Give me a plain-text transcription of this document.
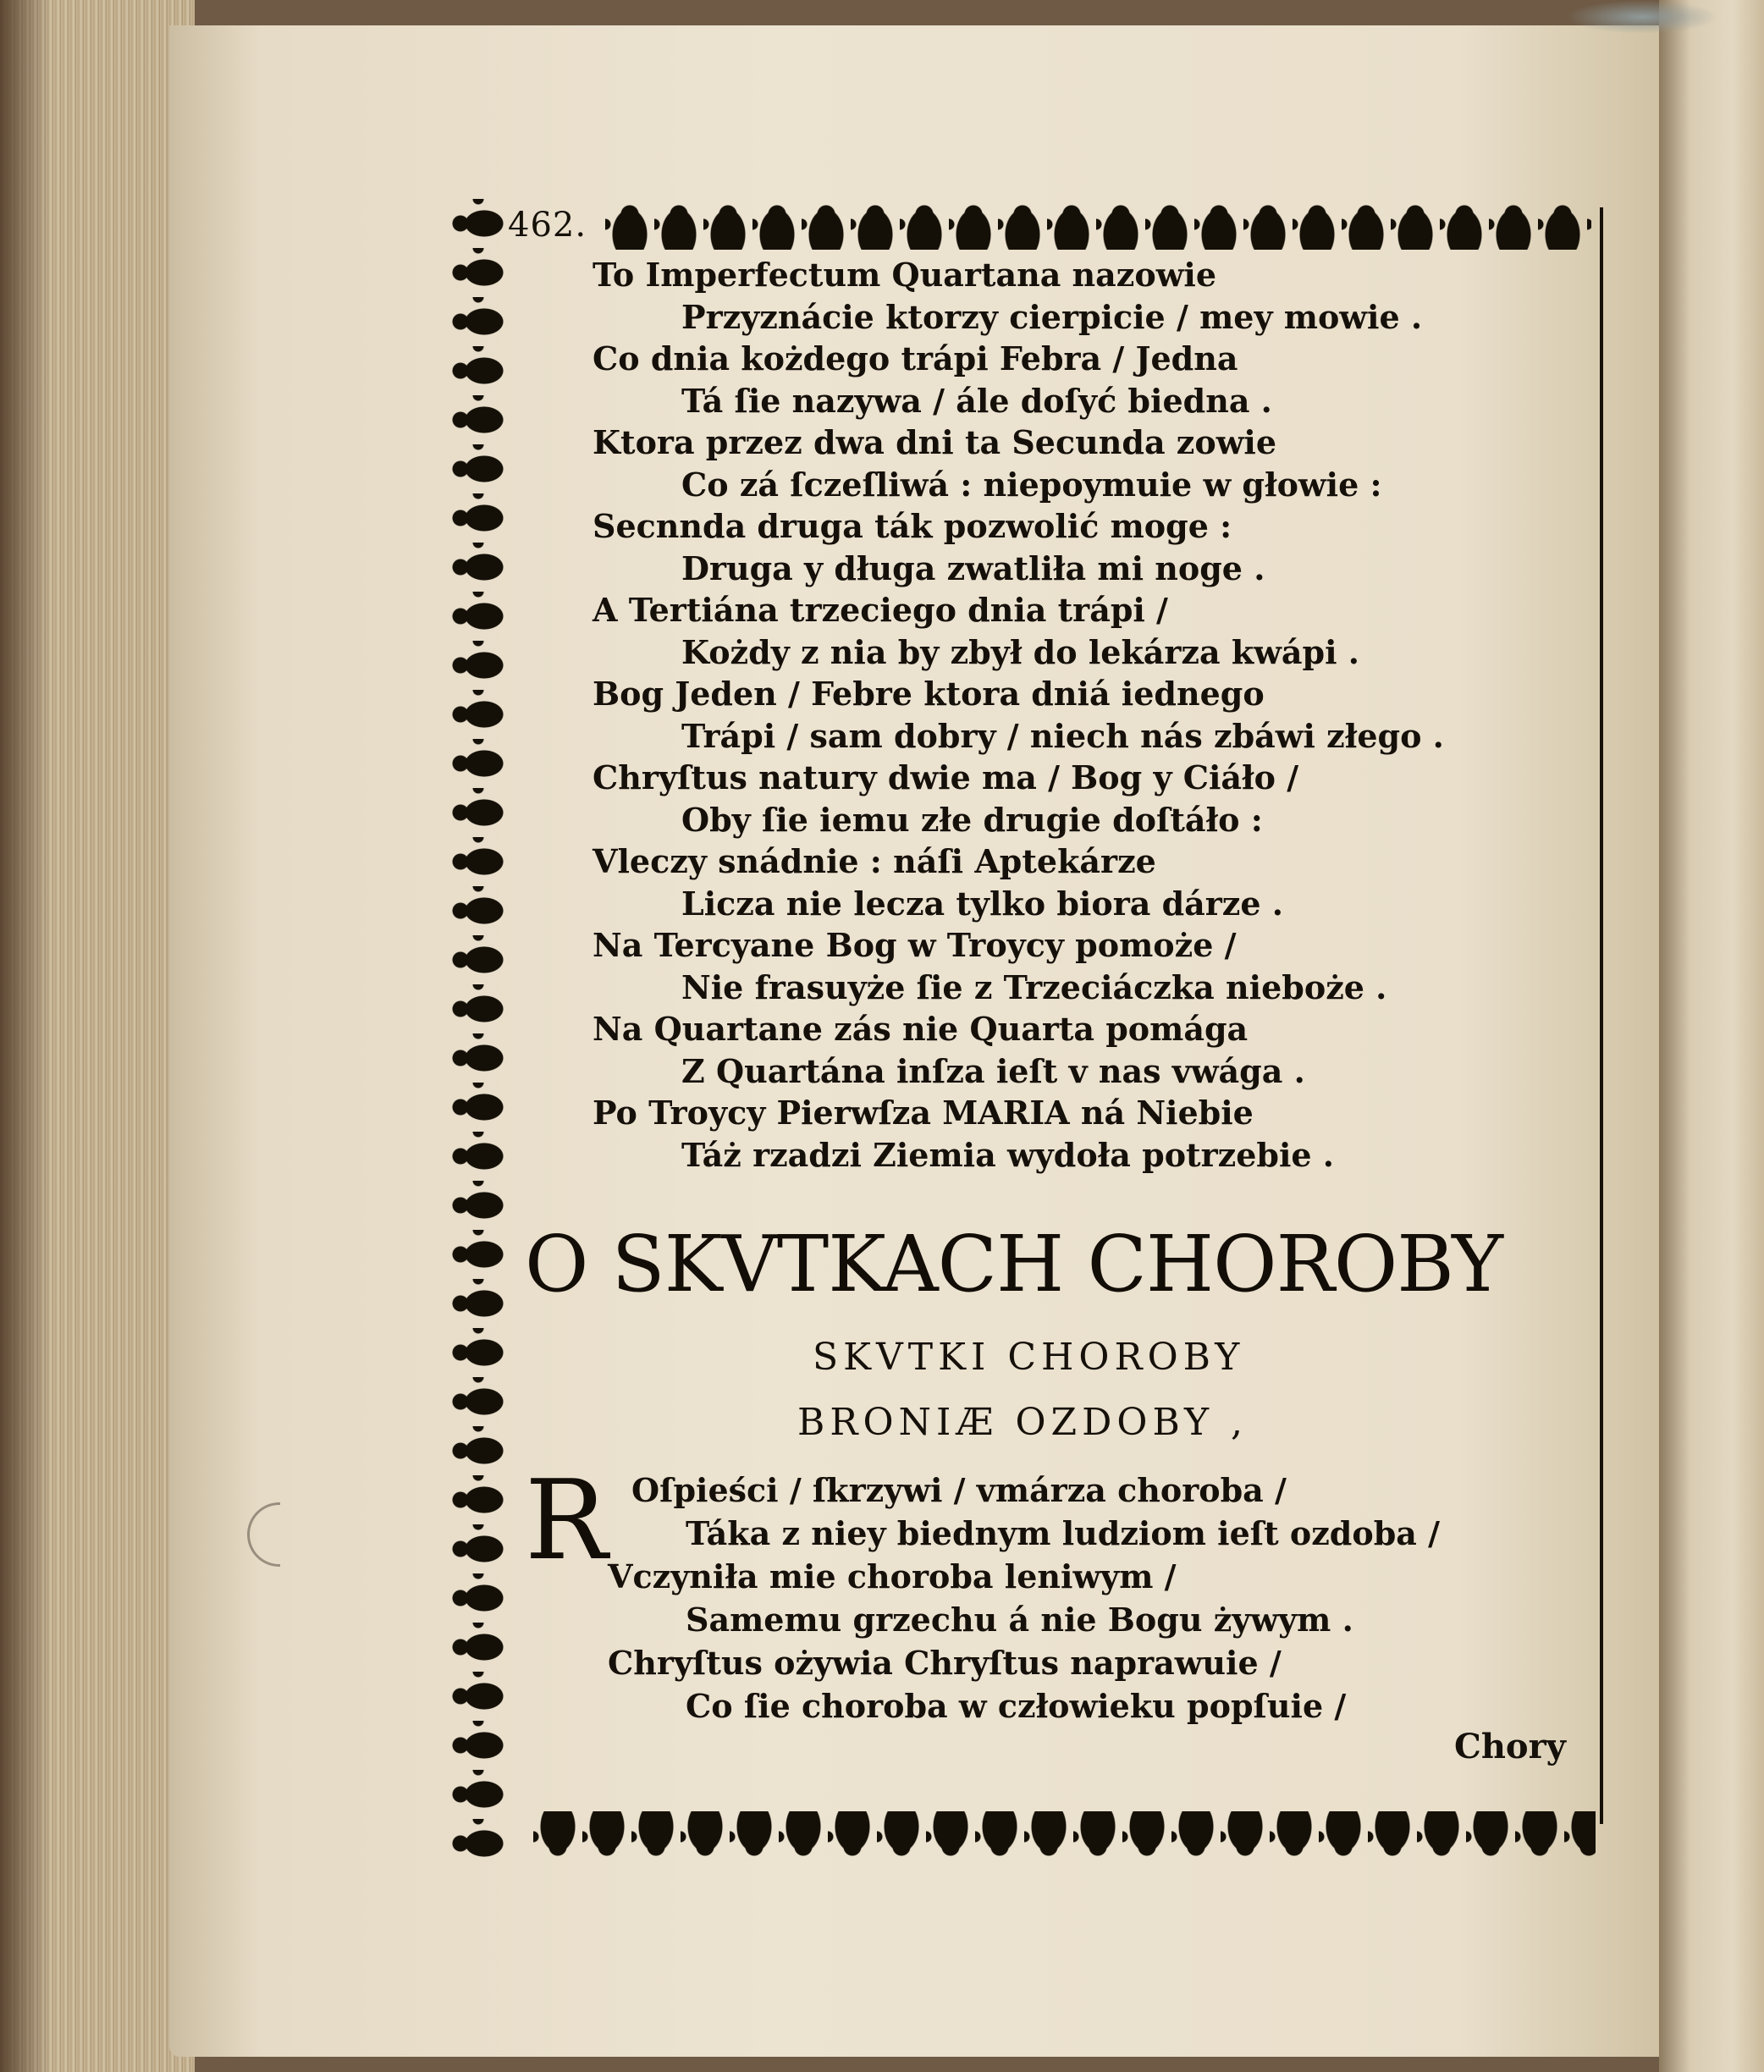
462.
To Imperfectum Quartana nazowie
Przyznácie ktorzy cierpicie / mey mowie .
Co dnia kożdego trápi Febra / Jedna
Tá ſie nazywa / ále doſyć biedna .
Ktora przez dwa dni ta Secunda zowie
Co zá ſczeſliwá : niepoymuie w głowie :
Secnnda druga ták pozwolić moge :
Druga y długa zwatliła mi noge .
A Tertiána trzeciego dnia trápi /
Kożdy z nia by zbył do lekárza kwápi .
Bog Jeden / Febre ktora dniá iednego
Trápi / sam dobry / niech nás zbáwi złego .
Chryſtus natury dwie ma / Bog y Ciáło /
Oby ſie iemu złe drugie doſtáło :
Vleczy snádnie : náſi Aptekárze
Licza nie lecza tylko biora dárze .
Na Tercyane Bog w Troycy pomoże /
Nie frasuyże ſie z Trzeciáczka nieboże .
Na Quartane zás nie Quarta pomága
Z Quartána inſza ieſt v nas vwága .
Po Troycy Pierwſza MARIA ná Niebie
Táż rzadzi Ziemia wydoła potrzebie .
O SKVTKACH CHOROBY
SKVTKI CHOROBY
BRONIÆ OZDOBY ,
R Oſpieści / ſkrzywi / vmárza choroba /
Táka z niey biednym ludziom ieſt ozdoba /
Vczyniła mie choroba leniwym /
Samemu grzechu á nie Bogu żywym .
Chryſtus ożywia Chryſtus naprawuie /
Co ſie choroba w człowieku popſuie /
Chory
